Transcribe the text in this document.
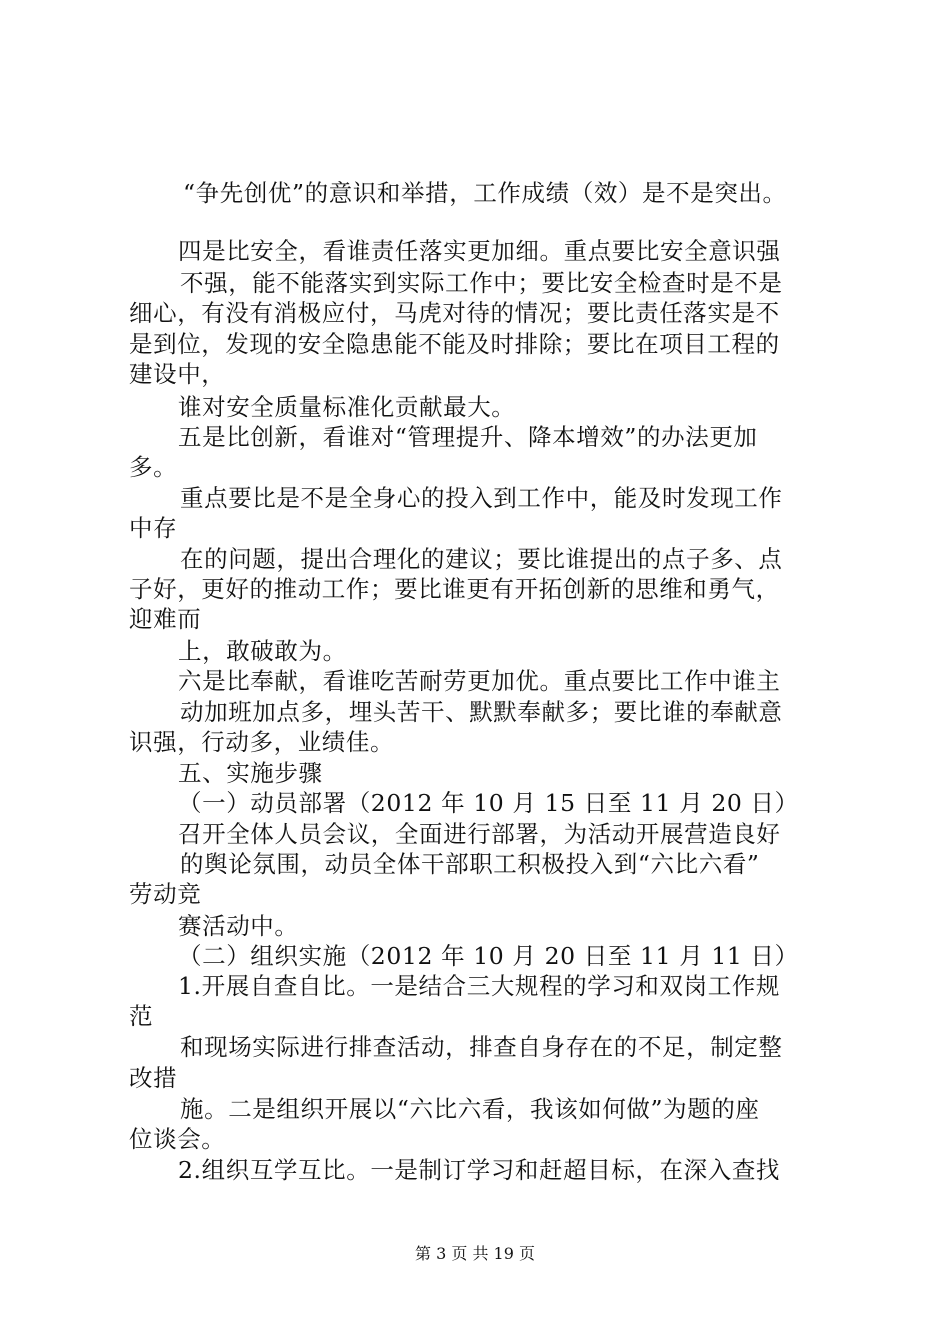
“争先创优”的意识和举措，工作成绩（效）是不是突出。
四是比安全，看谁责任落实更加细。重点要比安全意识强
不强，能不能落实到实际工作中；要比安全检查时是不是
细心，有没有消极应付，马虎对待的情况；要比责任落实是不
是到位，发现的安全隐患能不能及时排除；要比在项目工程的
建设中，
谁对安全质量标准化贡献最大。
五是比创新，看谁对“管理提升、降本增效”的办法更加
多。
重点要比是不是全身心的投入到工作中，能及时发现工作
中存
在的问题，提出合理化的建议；要比谁提出的点子多、点
子好，更好的推动工作；要比谁更有开拓创新的思维和勇气，
迎难而
上，敢破敢为。
六是比奉献，看谁吃苦耐劳更加优。重点要比工作中谁主
动加班加点多，埋头苦干、默默奉献多；要比谁的奉献意
识强，行动多，业绩佳。
五、实施步骤
（一）动员部署（2012 年 10 月 15 日至 11 月 20 日）
召开全体人员会议，全面进行部署，为活动开展营造良好
的舆论氛围，动员全体干部职工积极投入到“六比六看”
劳动竞
赛活动中。
（二）组织实施（2012 年 10 月 20 日至 11 月 11 日）
1.开展自查自比。一是结合三大规程的学习和双岗工作规
范
和现场实际进行排查活动，排查自身存在的不足，制定整
改措
施。二是组织开展以“六比六看，我该如何做”为题的座
位谈会。
2.组织互学互比。一是制订学习和赶超目标，在深入查找
第 3 页 共 19 页
